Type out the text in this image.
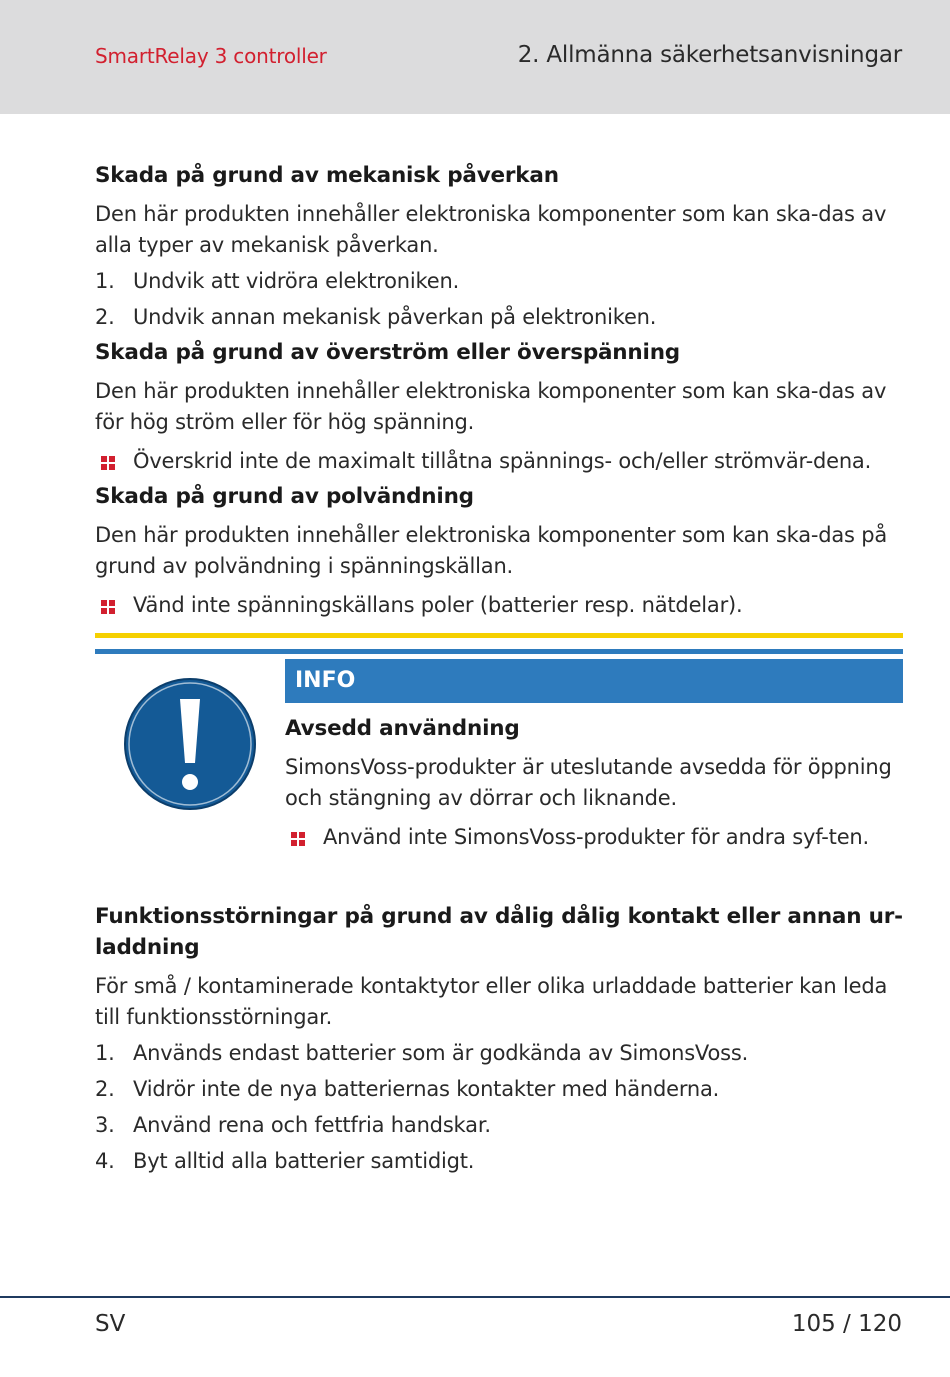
SmartRelay 3 controller	2. Allmänna säkerhetsanvisningar
Skada på grund av mekanisk påverkan

Den här produkten innehåller elektroniska komponenter som kan ska-das av alla typer av mekanisk påverkan.

1. Undvik att vidröra elektroniken.
2. Undvik annan mekanisk påverkan på elektroniken.
Skada på grund av överström eller överspänning

Den här produkten innehåller elektroniska komponenter som kan ska-das av för hög ström eller för hög spänning.

Överskrid inte de maximalt tillåtna spännings- och/eller strömvär-dena.
Skada på grund av polvändning

Den här produkten innehåller elektroniska komponenter som kan ska-das på grund av polvändning i spänningskällan.

Vänd inte spänningskällans poler (batterier resp. nätdelar).
INFO
Avsedd användning

SimonsVoss-produkter är uteslutande avsedda för öppning och stängning av dörrar och liknande.

Använd inte SimonsVoss-produkter för andra syf-ten.
Funktionsstörningar på grund av dålig dålig kontakt eller annan ur-laddning

För små / kontaminerade kontaktytor eller olika urladdade batterier kan leda till funktionsstörningar.

1. Används endast batterier som är godkända av SimonsVoss.
2. Vidrör inte de nya batteriernas kontakter med händerna.
3. Använd rena och fettfria handskar.
4. Byt alltid alla batterier samtidigt.
SV	105 / 120
